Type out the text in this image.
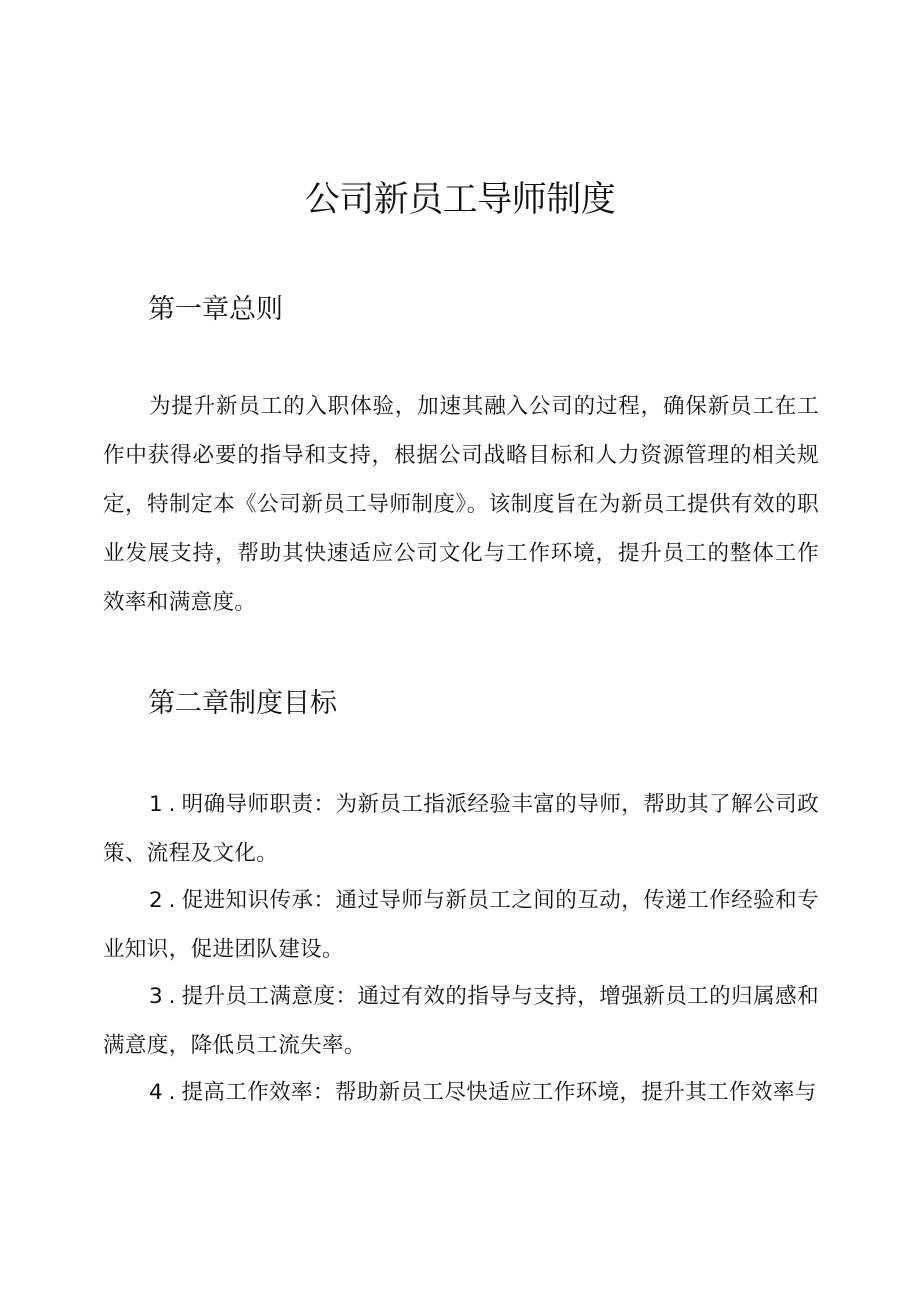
公司新员工导师制度
第一章总则

为提升新员工的入职体验，加速其融入公司的过程，确保新员工在工作中获得必要的指导和支持，根据公司战略目标和人力资源管理的相关规定，特制定本《公司新员工导师制度》。该制度旨在为新员工提供有效的职业发展支持，帮助其快速适应公司文化与工作环境，提升员工的整体工作效率和满意度。

第二章制度目标

1.明确导师职责：为新员工指派经验丰富的导师，帮助其了解公司政策、流程及文化。

2.促进知识传承：通过导师与新员工之间的互动，传递工作经验和专业知识，促进团队建设。

3.提升员工满意度：通过有效的指导与支持，增强新员工的归属感和满意度，降低员工流失率。

4.提高工作效率：帮助新员工尽快适应工作环境，提升其工作效率与
